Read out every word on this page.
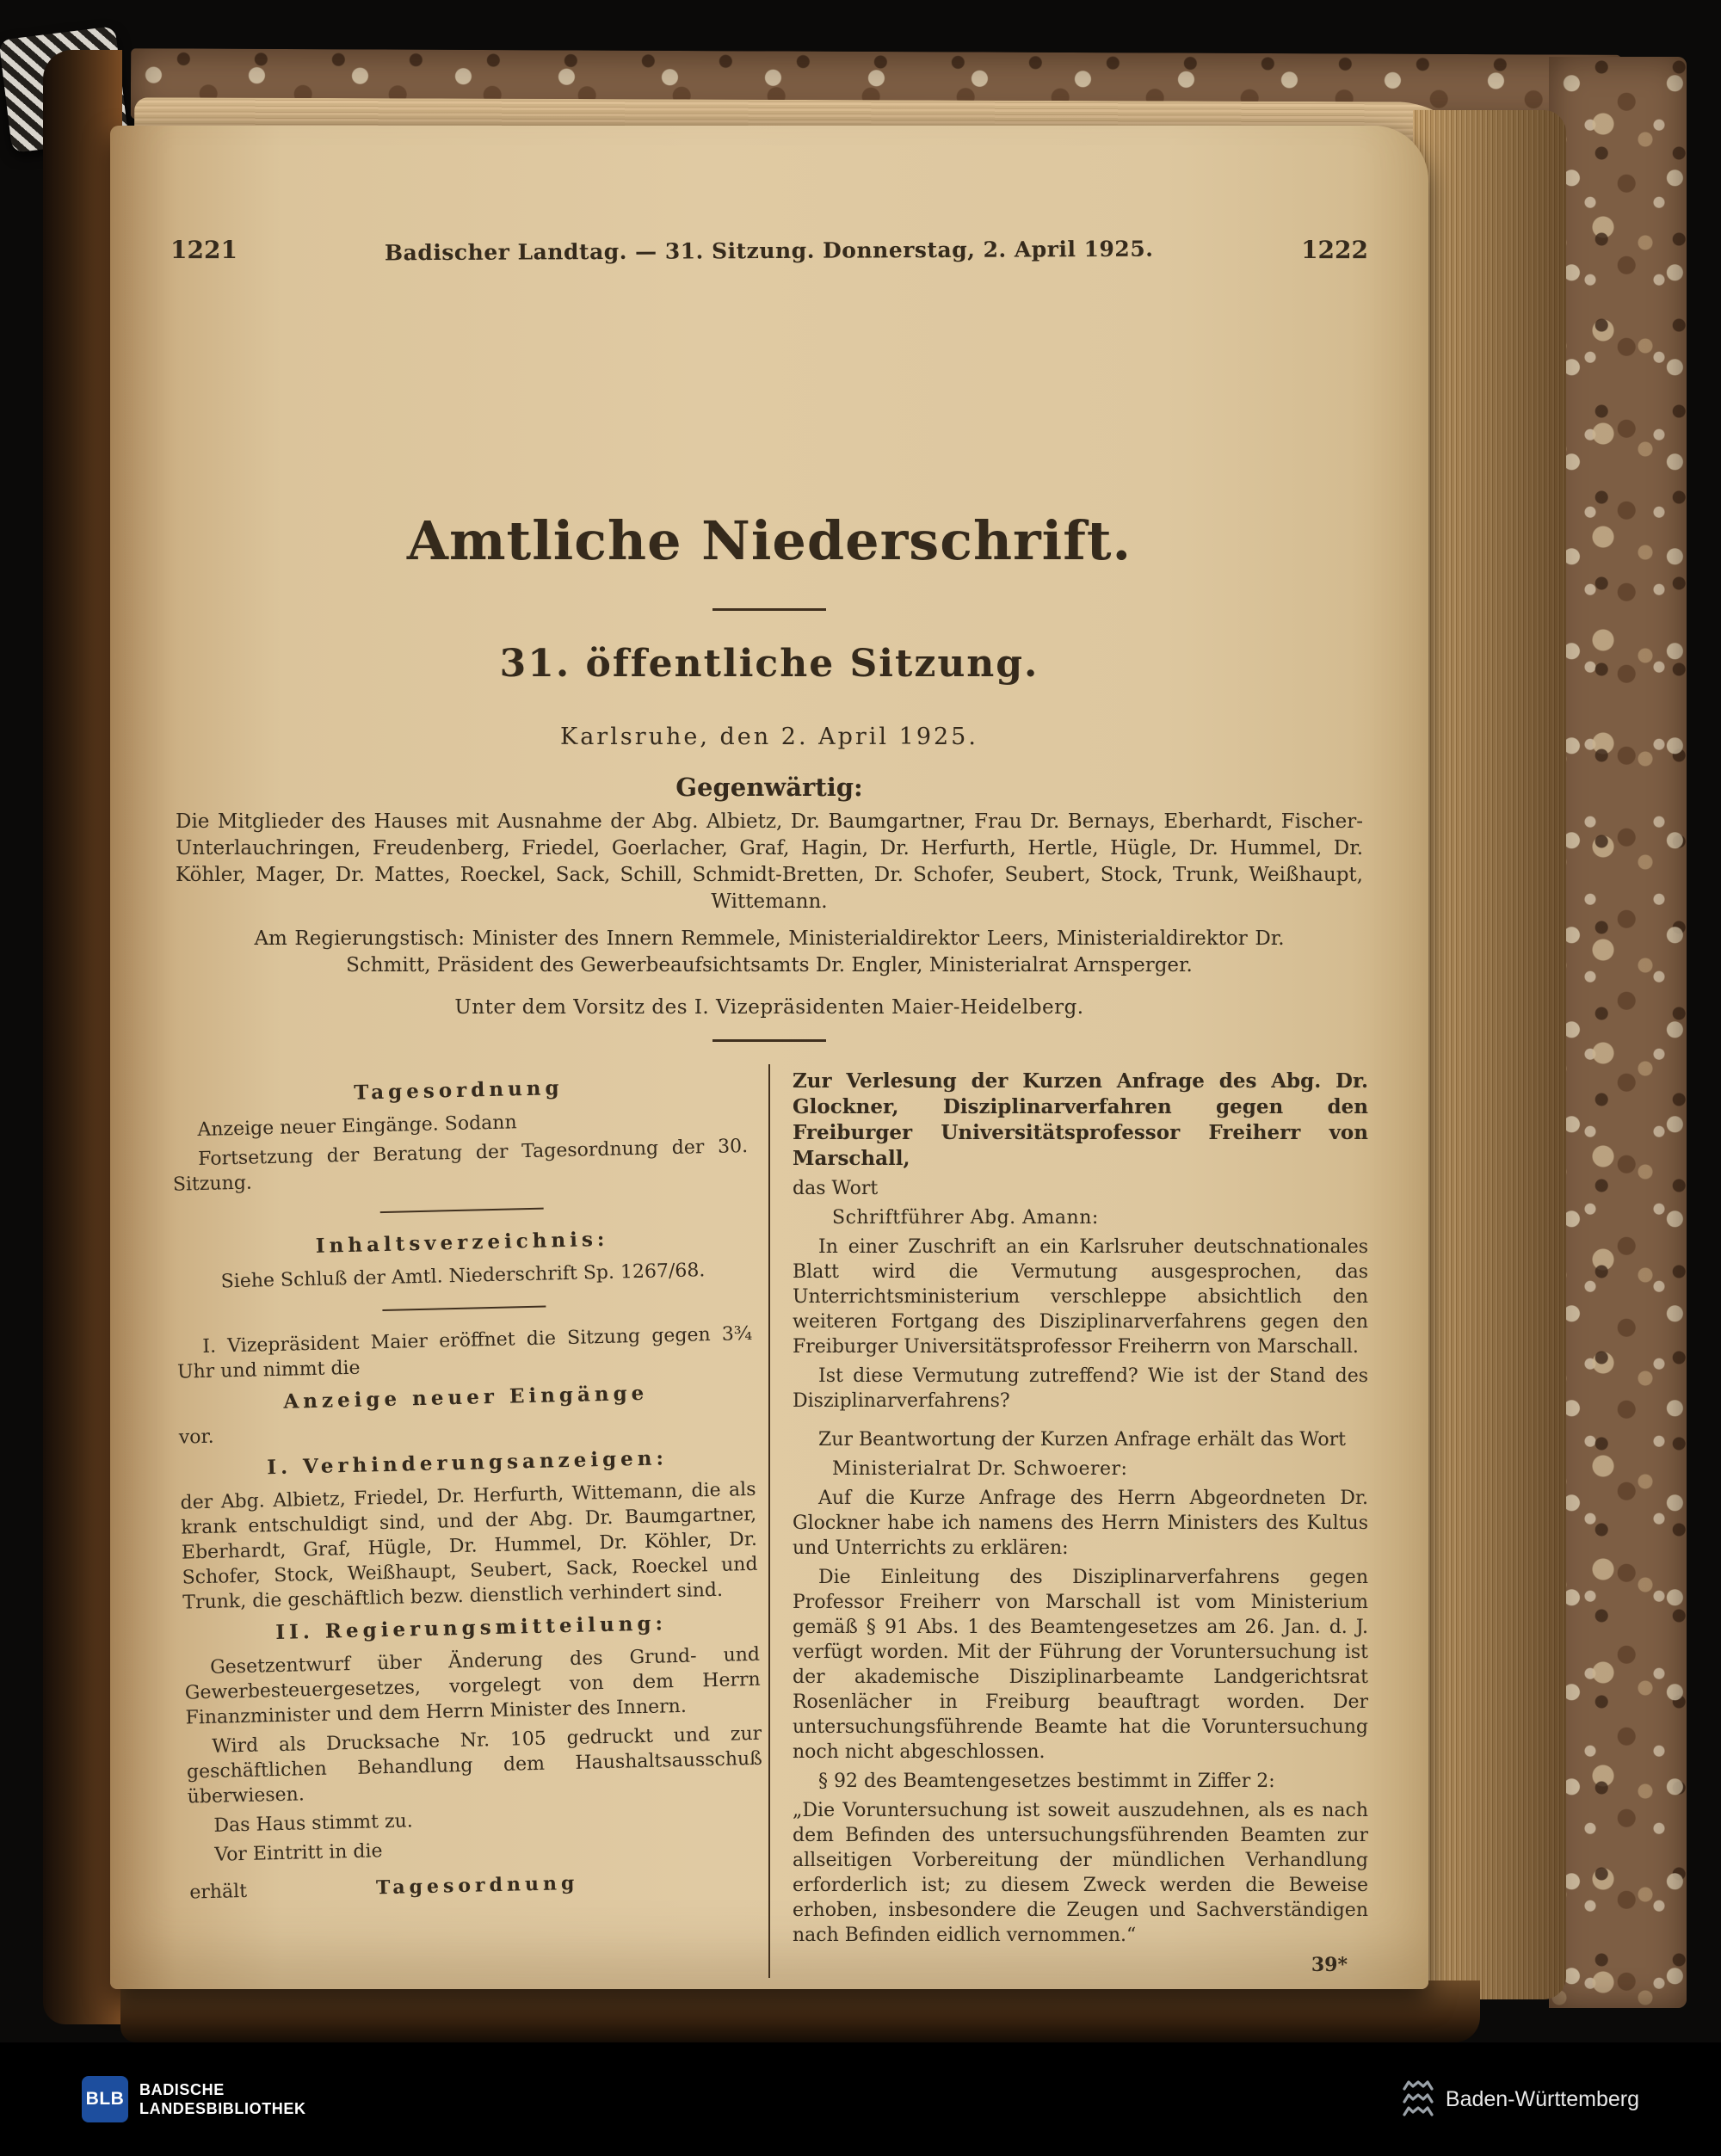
1221	Badischer Landtag. — 31. Sitzung. Donnerstag, 2. April 1925.	1222
Amtliche Niederschrift.
31. öffentliche Sitzung.
Karlsruhe, den 2. April 1925.
Gegenwärtig:

Die Mitglieder des Hauses mit Ausnahme der Abg. Albietz, Dr. Baumgartner, Frau Dr. Bernays, Eberhardt, Fischer-Unterlauchringen, Freudenberg, Friedel, Goerlacher, Graf, Hagin, Dr. Herfurth, Hertle, Hügle, Dr. Hummel, Dr. Köhler, Mager, Dr. Mattes, Roeckel, Sack, Schill, Schmidt-Bretten, Dr. Schofer, Seubert, Stock, Trunk, Weißhaupt, Wittemann.

Am Regierungstisch: Minister des Innern Remmele, Ministerialdirektor Leers, Ministerialdirektor Dr. Schmitt, Präsident des Gewerbeaufsichtsamts Dr. Engler, Ministerialrat Arnsperger.

Unter dem Vorsitz des I. Vizepräsidenten Maier-Heidelberg.
Tagesordnung

Anzeige neuer Eingänge. Sodann

Fortsetzung der Beratung der Tagesordnung der 30. Sitzung.

Inhaltsverzeichnis:

Siehe Schluß der Amtl. Niederschrift Sp. 1267/68.

I. Vizepräsident Maier eröffnet die Sitzung gegen 3¾ Uhr und nimmt die

Anzeige neuer Eingänge

vor.

I. Verhinderungsanzeigen:

der Abg. Albietz, Friedel, Dr. Herfurth, Wittemann, die als krank entschuldigt sind, und der Abg. Dr. Baumgartner, Eberhardt, Graf, Hügle, Dr. Hummel, Dr. Köhler, Dr. Schofer, Stock, Weißhaupt, Seubert, Sack, Roeckel und Trunk, die geschäftlich bezw. dienstlich verhindert sind.

II. Regierungsmitteilung:

Gesetzentwurf über Änderung des Grund- und Gewerbesteuergesetzes, vorgelegt von dem Herrn Finanzminister und dem Herrn Minister des Innern.

Wird als Drucksache Nr. 105 gedruckt und zur geschäftlichen Behandlung dem Haushaltsausschuß überwiesen.

Das Haus stimmt zu.

Vor Eintritt in die

erhält	Tagesordnung

Zur Verlesung der Kurzen Anfrage des Abg. Dr. Glockner, Disziplinarverfahren gegen den Freiburger Universitätsprofessor Freiherr von Marschall,

das Wort

Schriftführer Abg. Amann:

In einer Zuschrift an ein Karlsruher deutschnationales Blatt wird die Vermutung ausgesprochen, das Unterrichtsministerium verschleppe absichtlich den weiteren Fortgang des Disziplinarverfahrens gegen den Freiburger Universitätsprofessor Freiherrn von Marschall.

Ist diese Vermutung zutreffend? Wie ist der Stand des Disziplinarverfahrens?

Zur Beantwortung der Kurzen Anfrage erhält das Wort

Ministerialrat Dr. Schwoerer:

Auf die Kurze Anfrage des Herrn Abgeordneten Dr. Glockner habe ich namens des Herrn Ministers des Kultus und Unterrichts zu erklären:

Die Einleitung des Disziplinarverfahrens gegen Professor Freiherr von Marschall ist vom Ministerium gemäß § 91 Abs. 1 des Beamtengesetzes am 26. Jan. d. J. verfügt worden. Mit der Führung der Voruntersuchung ist der akademische Disziplinarbeamte Landgerichtsrat Rosenlächer in Freiburg beauftragt worden. Der untersuchungsführende Beamte hat die Voruntersuchung noch nicht abgeschlossen.

§ 92 des Beamtengesetzes bestimmt in Ziffer 2:

„Die Voruntersuchung ist soweit auszudehnen, als es nach dem Befinden des untersuchungsführenden Beamten zur allseitigen Vorbereitung der mündlichen Verhandlung erforderlich ist; zu diesem Zweck werden die Beweise erhoben, insbesondere die Zeugen und Sachverständigen nach Befinden eidlich vernommen.“

39*
BLB BADISCHE
LANDESBIBLIOTHEK	Baden-Württemberg
